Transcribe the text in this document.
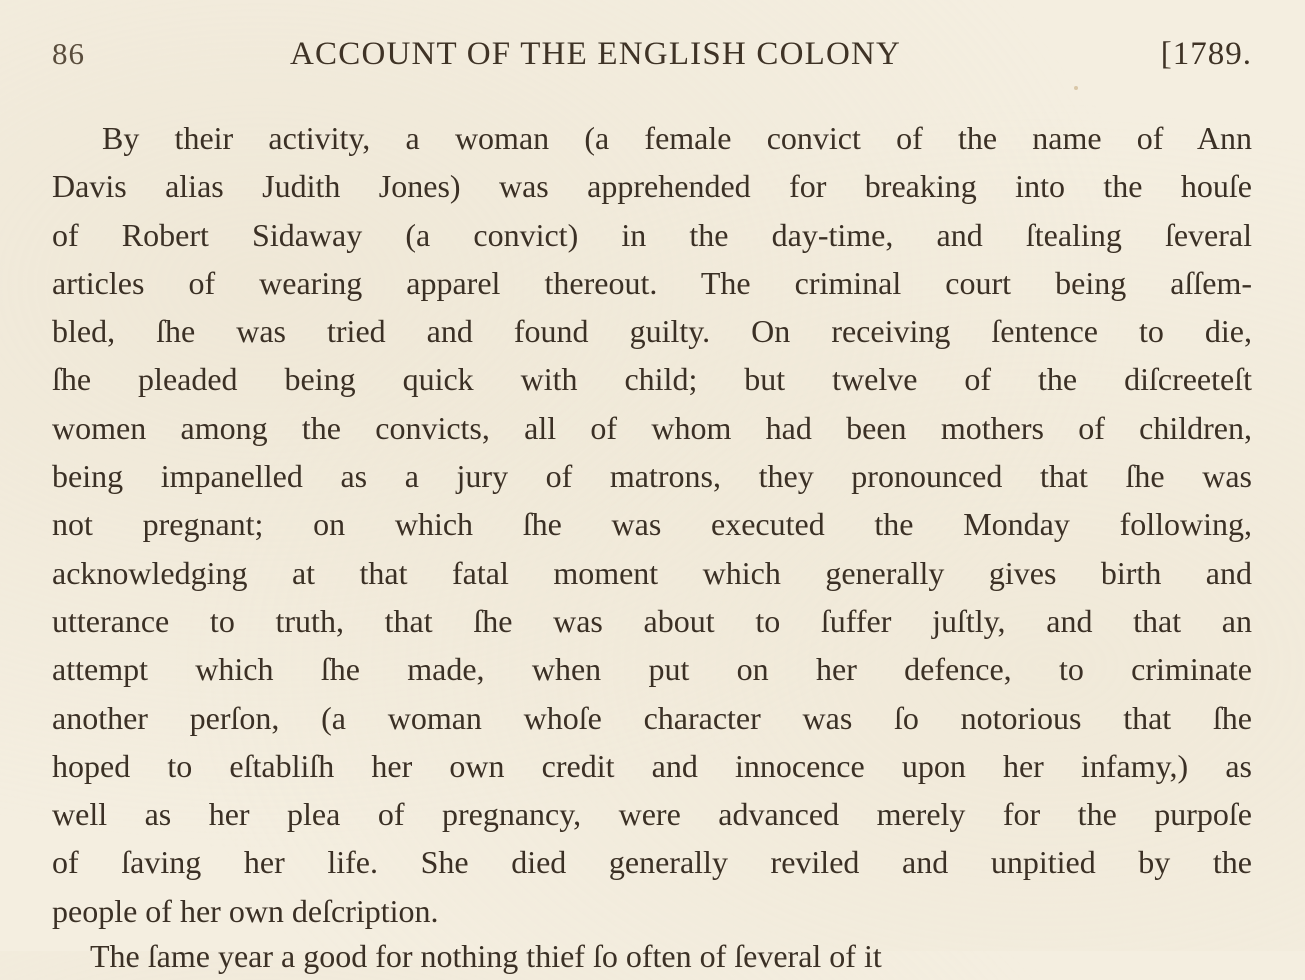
86	ACCOUNT OF THE ENGLISH COLONY	[1789.
By their activity, a woman (a female convict of the name of Ann
Davis alias Judith Jones) was apprehended for breaking into the houſe
of Robert Sidaway (a convict) in the day-time, and ſtealing ſeveral
articles of wearing apparel thereout. The criminal court being aſſem-
bled, ſhe was tried and found guilty. On receiving ſentence to die,
ſhe pleaded being quick with child; but twelve of the diſcreeteſt
women among the convicts, all of whom had been mothers of children,
being impanelled as a jury of matrons, they pronounced that ſhe was
not pregnant; on which ſhe was executed the Monday following,
acknowledging at that fatal moment which generally gives birth and
utterance to truth, that ſhe was about to ſuffer juſtly, and that an
attempt which ſhe made, when put on her defence, to criminate
another perſon, (a woman whoſe character was ſo notorious that ſhe
hoped to eſtabliſh her own credit and innocence upon her infamy,) as
well as her plea of pregnancy, were advanced merely for the purpoſe
of ſaving her life. She died generally reviled and unpitied by the
people of her own deſcription.
The ſame year a good for nothing thief ſo often of ſeveral of it
